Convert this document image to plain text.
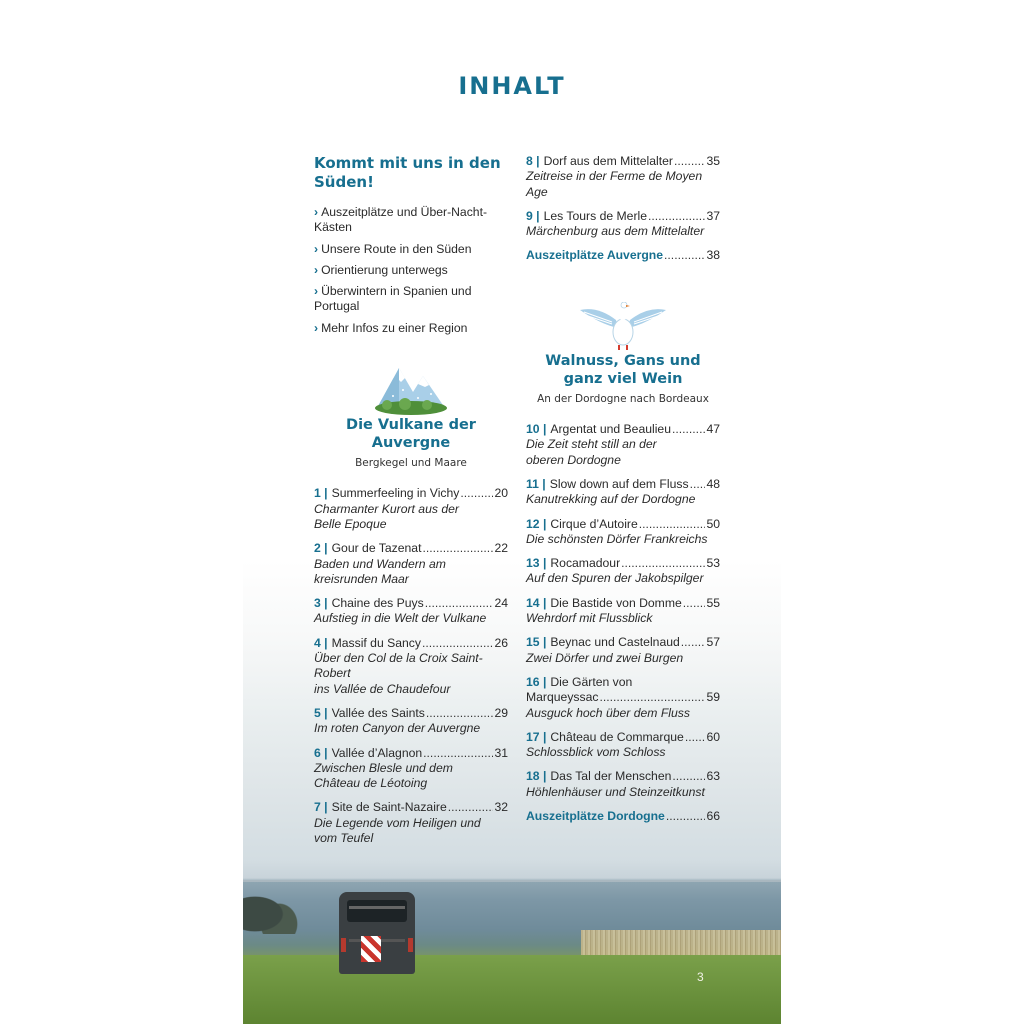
INHALT
Kommt mit uns in den Süden!
› Auszeitplätze und Über-Nacht-Kästen
› Unsere Route in den Süden
› Orientierung unterwegs
› Überwintern in Spanien und Portugal
› Mehr Infos zu einer Region
Die Vulkane der
Auvergne
Bergkegel und Maare
1 | Summerfeeling in Vichy .....	20
Charmanter Kurort aus der
Belle Epoque
2 | Gour de Tazenat .....	22
Baden und Wandern am
kreisrunden Maar
3 | Chaine des Puys .....	24
Aufstieg in die Welt der Vulkane
4 | Massif du Sancy .....	26
Über den Col de la Croix Saint-Robert
ins Vallée de Chaudefour
5 | Vallée des Saints .....	29
Im roten Canyon der Auvergne
6 | Vallée d’Alagnon .....	31
Zwischen Blesle und dem
Château de Léotoing
7 | Site de Saint-Nazaire .....	32
Die Legende vom Heiligen und
vom Teufel
8 | Dorf aus dem Mittelalter .....	35
Zeitreise in der Ferme de Moyen Age
9 | Les Tours de Merle .....	37
Märchenburg aus dem Mittelalter
Auszeitplätze Auvergne .....	38
Walnuss, Gans und
ganz viel Wein
An der Dordogne nach Bordeaux
10 | Argentat und Beaulieu .....	47
Die Zeit steht still an der
oberen Dordogne
11 | Slow down auf dem Fluss ..... 48
Kanutrekking auf der Dordogne
12 | Cirque d’Autoire .....	50
Die schönsten Dörfer Frankreichs
13 | Rocamadour .....	53
Auf den Spuren der Jakobspilger
14 | Die Bastide von Domme ..... 55
Wehrdorf mit Flussblick
15 | Beynac und Castelnaud ..... 57
Zwei Dörfer und zwei Burgen
16 | Die Gärten von
Marqueyssac .....	59
Ausguck hoch über dem Fluss
17 | Château de Commarque ..... 60
Schlossblick vom Schloss
18 | Das Tal der Menschen .....	63
Höhlenhäuser und Steinzeitkunst
Auszeitplätze Dordogne .....	66
3
